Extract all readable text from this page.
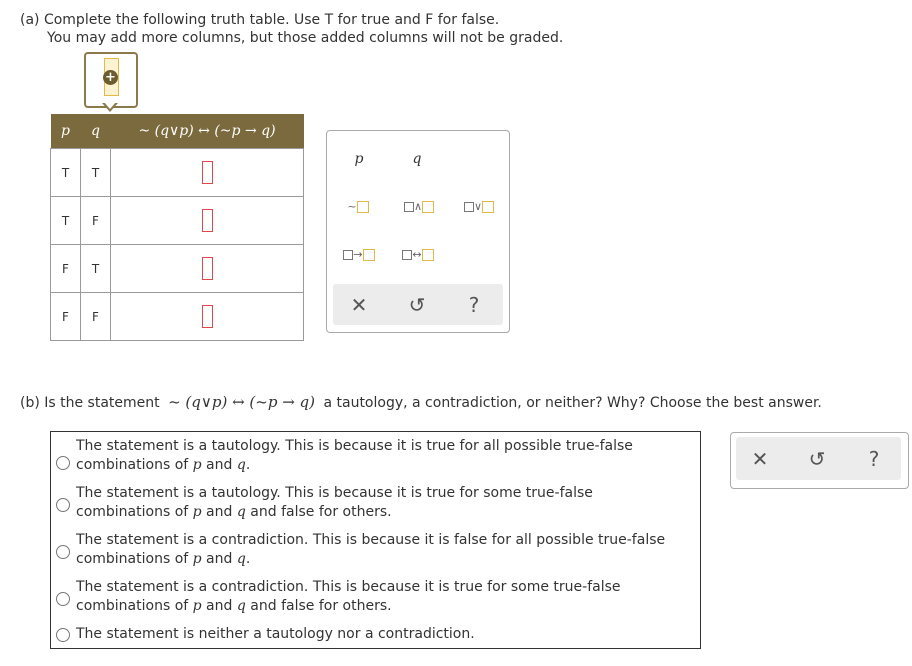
(a) Complete the following truth table. Use T for true and F for false.
You may add more columns, but those added columns will not be graded.
+
p	q	~ (q∨p) ↔ (~p → q)
T	T	
T	F	
F	T	
F	F	
p	q
~	∧	∨
→	↔
✕ ↺	?
(b) Is the statement ~ (q∨p) ↔ (~p → q) a tautology, a contradiction, or neither? Why? Choose the best answer.
The statement is a tautology. This is because it is true for all possible true-false
combinations of p and q.
The statement is a tautology. This is because it is true for some true-false
combinations of p and q and false for others.
The statement is a contradiction. This is because it is false for all possible true-false
combinations of p and q.
The statement is a contradiction. This is because it is true for some true-false
combinations of p and q and false for others.
The statement is neither a tautology nor a contradiction.
✕ ↺	?
